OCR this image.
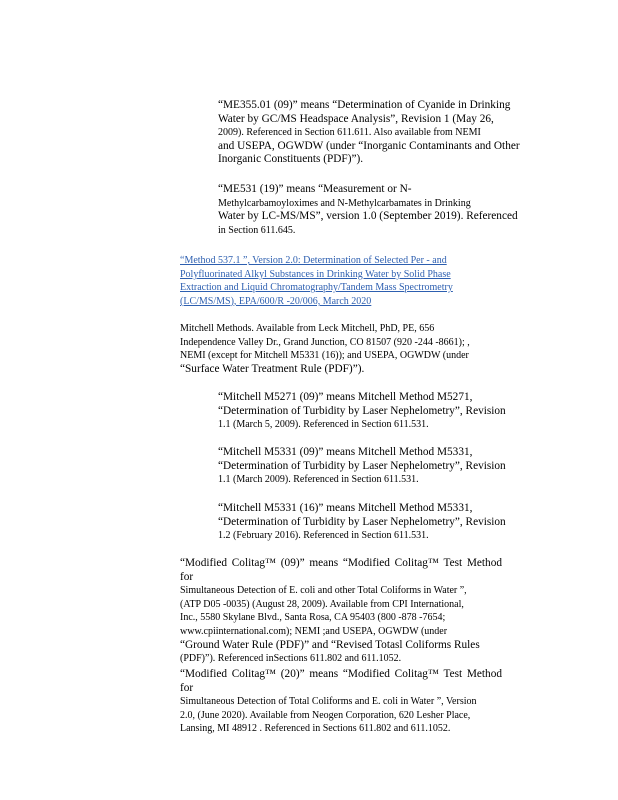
“ME355.01 (09)” means “Determination of Cyanide in Drinking
Water by GC/MS Headspace Analysis”, Revision 1 (May 26,
2009). Referenced in Section 611.611. Also available from NEMI
and USEPA, OGWDW (under “Inorganic Contaminants and Other
Inorganic Constituents (PDF)”).
“ME531 (19)” means “Measurement or N-
Methylcarbamoyloximes and N-Methylcarbamates in Drinking
Water by LC-MS/MS”, version 1.0 (September 2019). Referenced
in Section 611.645.
“Method 537.1 ”, Version 2.0: Determination of Selected Per - and
Polyfluorinated Alkyl Substances in Drinking Water by Solid Phase
Extraction and Liquid Chromatography/Tandem Mass Spectrometry
(LC/MS/MS), EPA/600/R -20/006, March 2020
Mitchell Methods. Available from Leck Mitchell, PhD, PE, 656
Independence Valley Dr., Grand Junction, CO 81507 (920 -244 -8661); ,
NEMI (except for Mitchell M5331 (16)); and USEPA, OGWDW (under
“Surface Water Treatment Rule (PDF)”).
“Mitchell M5271 (09)” means Mitchell Method M5271,
“Determination of Turbidity by Laser Nephelometry”, Revision
1.1 (March 5, 2009). Referenced in Section 611.531.
“Mitchell M5331 (09)” means Mitchell Method M5331,
“Determination of Turbidity by Laser Nephelometry”, Revision
1.1 (March 2009). Referenced in Section 611.531.
“Mitchell M5331 (16)” means Mitchell Method M5331,
“Determination of Turbidity by Laser Nephelometry”, Revision
1.2 (February 2016). Referenced in Section 611.531.
“Modified Colitag™ (09)” means “Modified Colitag™ Test Method for
Simultaneous Detection of E. coli and other Total Coliforms in Water ”,
(ATP D05 -0035) (August 28, 2009). Available from CPI International,
Inc., 5580 Skylane Blvd., Santa Rosa, CA 95403 (800 -878 -7654;
www.cpiinternational.com); NEMI ;and USEPA, OGWDW (under
“Ground Water Rule (PDF)” and “Revised Totasl Coliforms Rules
(PDF)”). Referenced inSections 611.802 and 611.1052.
“Modified Colitag™ (20)” means “Modified Colitag™ Test Method for
Simultaneous Detection of Total Coliforms and E. coli in Water ”, Version
2.0, (June 2020). Available from Neogen Corporation, 620 Lesher Place,
Lansing, MI 48912 . Referenced in Sections 611.802 and 611.1052.
